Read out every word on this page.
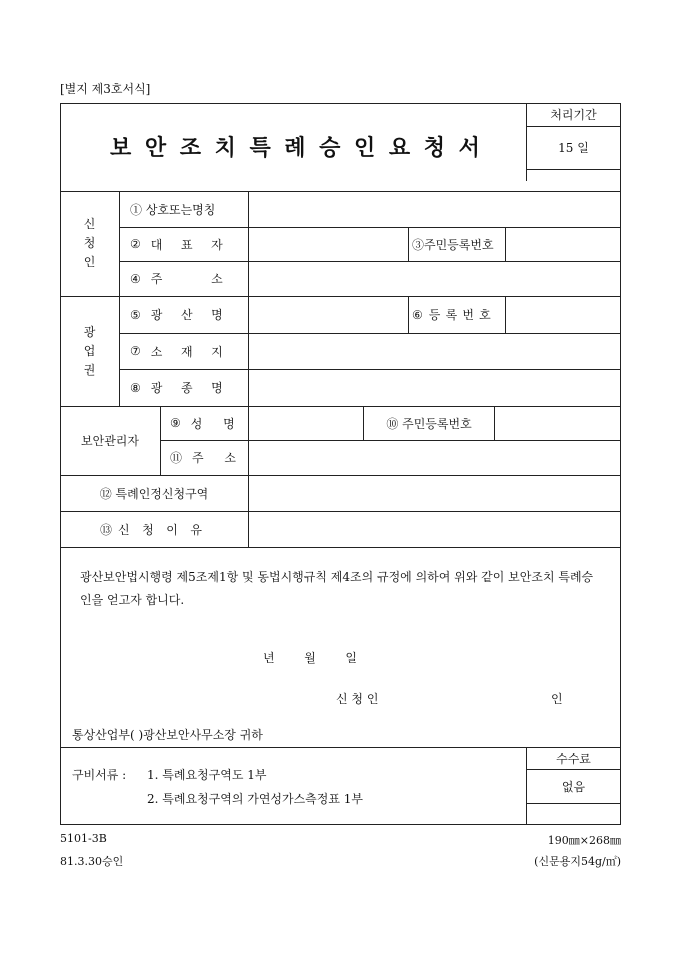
[별지 제3호서식]
보 안 조 치 특 례 승 인 요 청 서
처리기간
15 일
신
청
인
① 상호또는명칭
② 대 표 자	③주민등록번호
④ 주	소
광
업
권
⑤ 광 산 명	⑥ 등 록 번 호
⑦ 소 재 지
⑧ 광 종 명
보안관리자
⑨ 성 명	⑩ 주민등록번호
⑪ 주 소
⑫ 특례인정신청구역
⑬ 신 청 이 유
광산보안법시행령 제5조제1항 및 동법시행규칙 제4조의 규정에 의하여 위와 같이 보안조치 특례승인을 얻고자 합니다.
년 월 일
신 청 인	인
통상산업부( )광산보안사무소장 귀하
구비서류 : 1. 특례요청구역도 1부
2. 특례요청구역의 가연성가스측정표 1부
수수료
없음
5101-3B
81.3.30승인
190㎜×268㎜
(신문용지54g/㎡)
